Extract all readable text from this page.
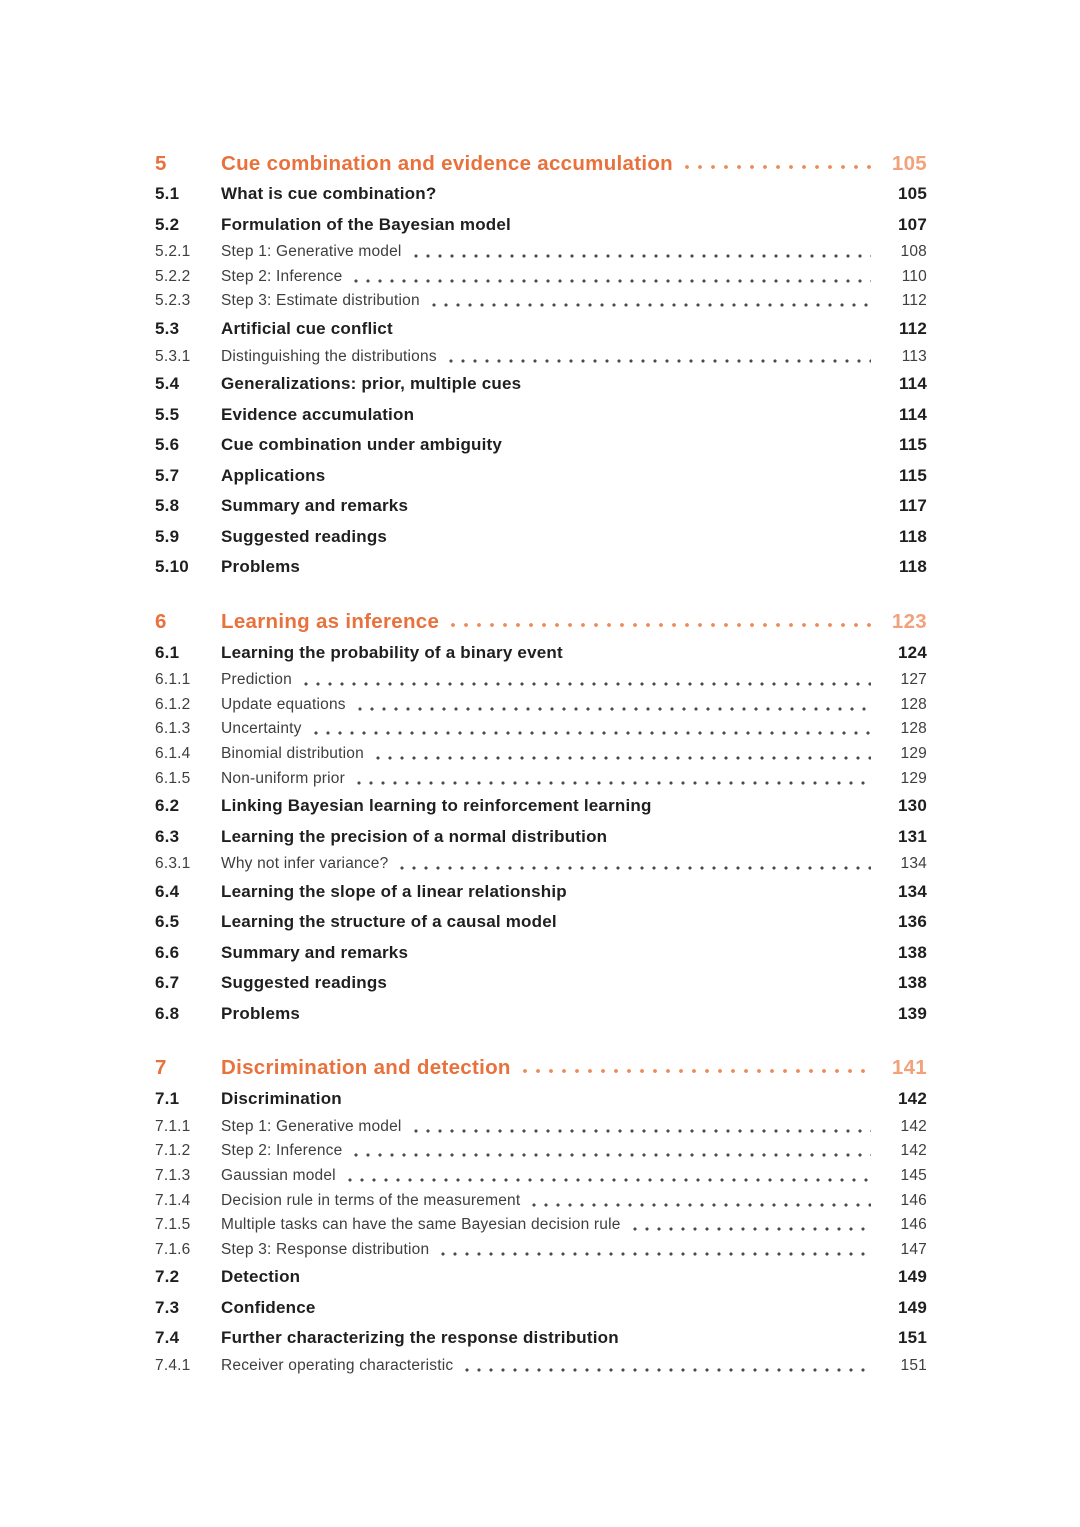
5	Cue combination and evidence accumulation	105
5.1	What is cue combination?	105
5.2	Formulation of the Bayesian model	107
5.2.1	Step 1: Generative model	108
5.2.2	Step 2: Inference	110
5.2.3	Step 3: Estimate distribution	112
5.3	Artificial cue conflict	112
5.3.1	Distinguishing the distributions	113
5.4	Generalizations: prior, multiple cues	114
5.5	Evidence accumulation	114
5.6	Cue combination under ambiguity	115
5.7	Applications	115
5.8	Summary and remarks	117
5.9	Suggested readings	118
5.10	Problems	118
6	Learning as inference	123
6.1	Learning the probability of a binary event	124
6.1.1	Prediction	127
6.1.2	Update equations	128
6.1.3	Uncertainty	128
6.1.4	Binomial distribution	129
6.1.5	Non-uniform prior	129
6.2	Linking Bayesian learning to reinforcement learning	130
6.3	Learning the precision of a normal distribution	131
6.3.1	Why not infer variance?	134
6.4	Learning the slope of a linear relationship	134
6.5	Learning the structure of a causal model	136
6.6	Summary and remarks	138
6.7	Suggested readings	138
6.8	Problems	139
7	Discrimination and detection	141
7.1	Discrimination	142
7.1.1	Step 1: Generative model	142
7.1.2	Step 2: Inference	142
7.1.3	Gaussian model	145
7.1.4	Decision rule in terms of the measurement	146
7.1.5	Multiple tasks can have the same Bayesian decision rule	146
7.1.6	Step 3: Response distribution	147
7.2	Detection	149
7.3	Confidence	149
7.4	Further characterizing the response distribution	151
7.4.1	Receiver operating characteristic	151
